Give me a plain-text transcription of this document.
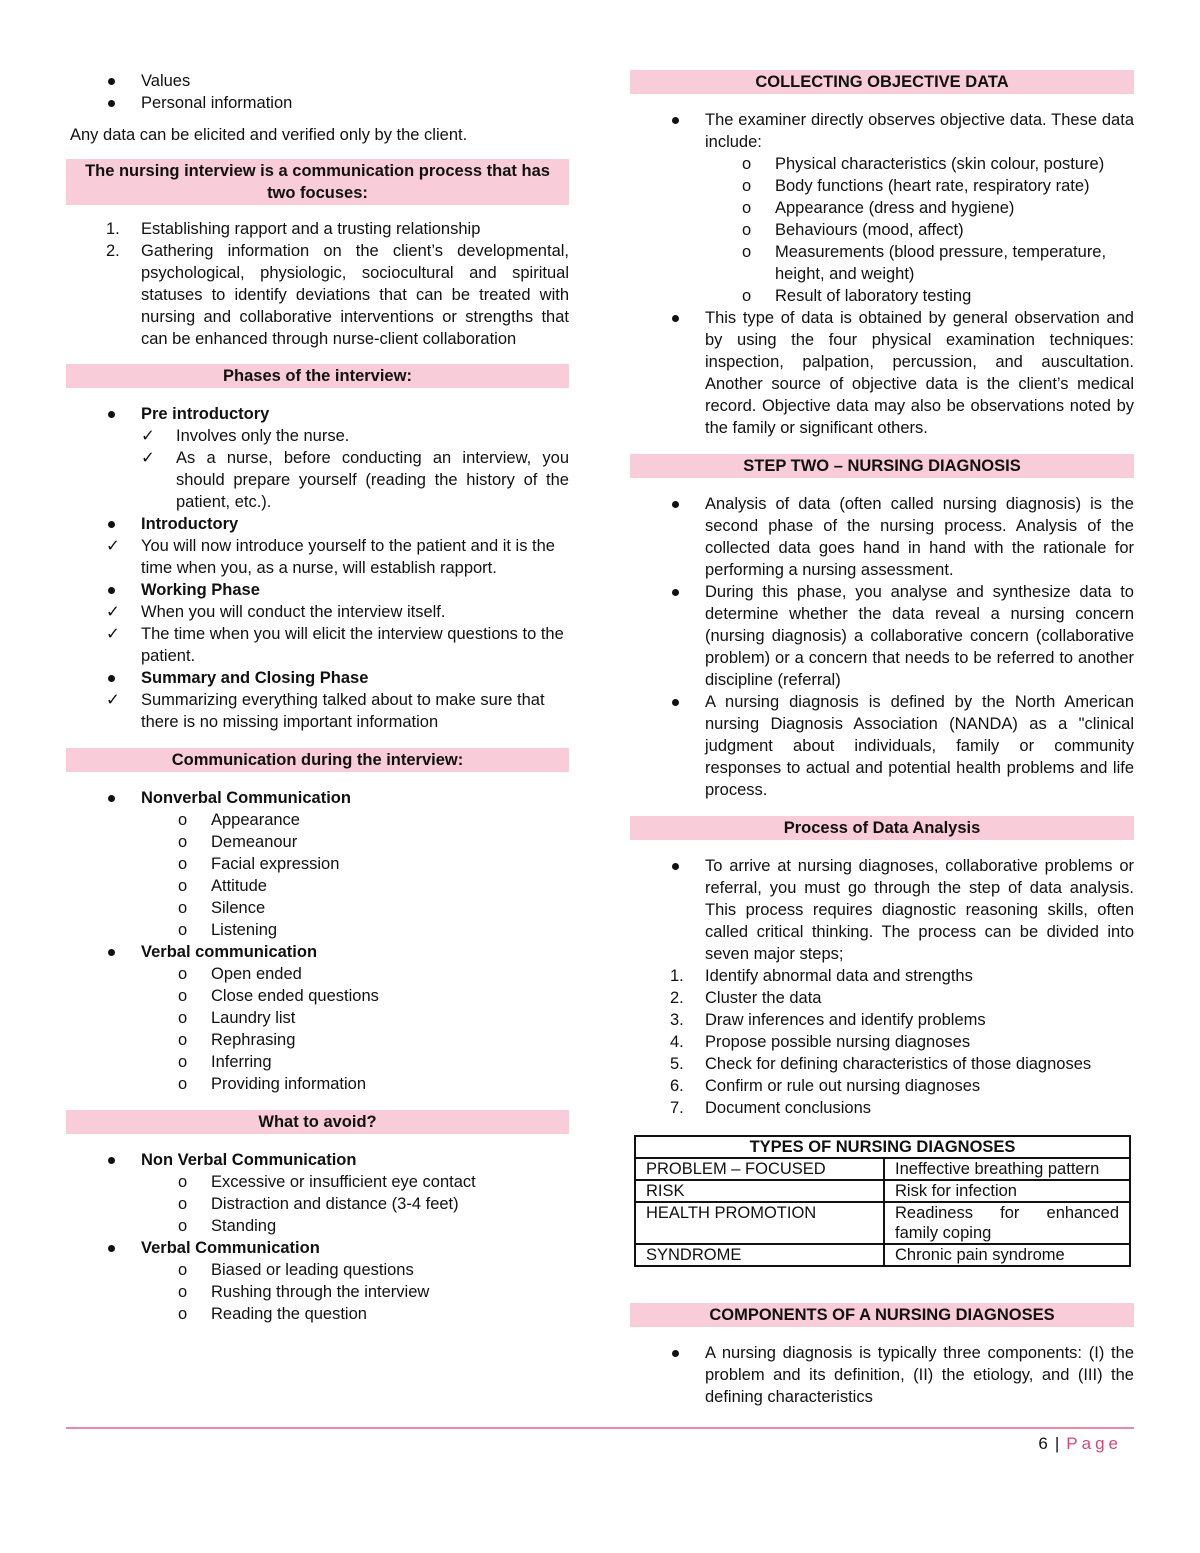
Values
Personal information

Any data can be elicited and verified only by the client.

The nursing interview is a communication process that has two focuses:
1. Establishing rapport and a trusting relationship
2. Gathering information on the client’s developmental, psychological, physiologic, sociocultural and spiritual statuses to identify deviations that can be treated with nursing and collaborative interventions or strengths that can be enhanced through nurse-client collaboration
Phases of the interview:
Pre introductory
✓ Involves only the nurse.
✓ As a nurse, before conducting an interview, you should prepare yourself (reading the history of the patient, etc.).
Introductory
✓ You will now introduce yourself to the patient and it is the time when you, as a nurse, will establish rapport.
Working Phase
✓ When you will conduct the interview itself.
✓ The time when you will elicit the interview questions to the patient.
Summary and Closing Phase
✓ Summarizing everything talked about to make sure that there is no missing important information
Communication during the interview:
Nonverbal Communication
o Appearance
o Demeanour
o Facial expression
o Attitude
o Silence
o Listening
Verbal communication
o Open ended
o Close ended questions
o Laundry list
o Rephrasing
o Inferring
o Providing information
What to avoid?
Non Verbal Communication
o Excessive or insufficient eye contact
o Distraction and distance (3-4 feet)
o Standing
Verbal Communication
o Biased or leading questions
o Rushing through the interview
o Reading the question
COLLECTING OBJECTIVE DATA
The examiner directly observes objective data. These data include:
o Physical characteristics (skin colour, posture)
o Body functions (heart rate, respiratory rate)
o Appearance (dress and hygiene)
o Behaviours (mood, affect)
o Measurements (blood pressure, temperature, height, and weight)
o Result of laboratory testing
This type of data is obtained by general observation and by using the four physical examination techniques: inspection, palpation, percussion, and auscultation. Another source of objective data is the client’s medical record. Objective data may also be observations noted by the family or significant others.
STEP TWO – NURSING DIAGNOSIS
Analysis of data (often called nursing diagnosis) is the second phase of the nursing process. Analysis of the collected data goes hand in hand with the rationale for performing a nursing assessment.
During this phase, you analyse and synthesize data to determine whether the data reveal a nursing concern (nursing diagnosis) a collaborative concern (collaborative problem) or a concern that needs to be referred to another discipline (referral)
A nursing diagnosis is defined by the North American nursing Diagnosis Association (NANDA) as a "clinical judgment about individuals, family or community responses to actual and potential health problems and life process.
Process of Data Analysis
To arrive at nursing diagnoses, collaborative problems or referral, you must go through the step of data analysis. This process requires diagnostic reasoning skills, often called critical thinking. The process can be divided into seven major steps;
1. Identify abnormal data and strengths
2. Cluster the data
3. Draw inferences and identify problems
4. Propose possible nursing diagnoses
5. Check for defining characteristics of those diagnoses
6. Confirm or rule out nursing diagnoses
7. Document conclusions
TYPES OF NURSING DIAGNOSES	
PROBLEM – FOCUSED	Ineffective breathing pattern
RISK	Risk for infection
HEALTH PROMOTION	Readiness for enhanced family coping
SYNDROME	Chronic pain syndrome
COMPONENTS OF A NURSING DIAGNOSES
A nursing diagnosis is typically three components: (I) the problem and its definition, (II) the etiology, and (III) the defining characteristics
6 | Page
